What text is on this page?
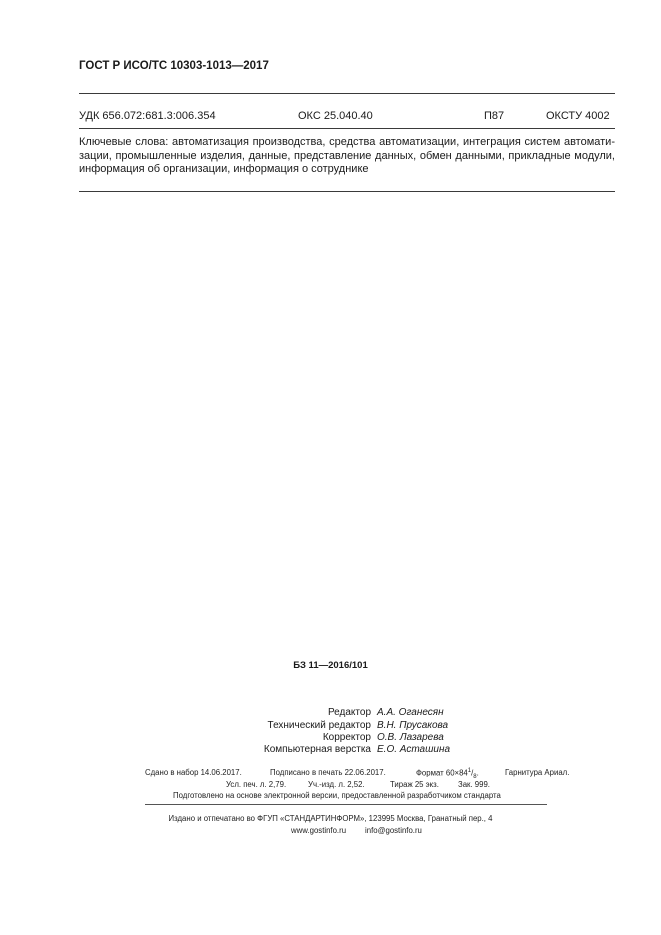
ГОСТ Р ИСО/ТС 10303-1013—2017
УДК 656.072:681.3:006.354	ОКС 25.040.40	П87	ОКСТУ 4002
Ключевые слова: автоматизация производства, средства автоматизации, интеграция систем автомати-
зации, промышленные изделия, данные, представление данных, обмен данными, прикладные модули,
информация об организации, информация о сотруднике
БЗ 11—2016/101
Редактор А.А. Оганесян
Технический редактор В.Н. Прусакова
Корректор О.В. Лазарева
Компьютерная верстка Е.О. Асташина
Сдано в набор 14.06.2017.	Подписано в печать 22.06.2017.	Формат $60\times 84^1/_8$.	Гарнитура Ариал.
Усл. печ. л. 2,79.	Уч.-изд. л. 2,52.	Тираж 25 экз. Зак. 999.
Подготовлено на основе электронной версии, предоставленной разработчиком стандарта
Издано и отпечатано во ФГУП «СТАНДАРТИНФОРМ», 123995 Москва, Гранатный пер., 4
www.gostinfo.ru info@gostinfo.ru
